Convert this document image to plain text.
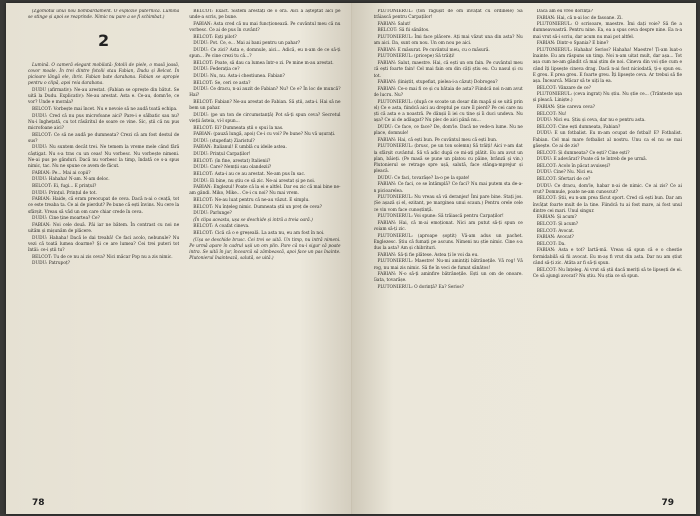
(Zgomotul unui nou bombardament. O explozie puternică. Lumina se stinge și apoi se reaprinde. Nimic nu pare a se fi schimbat.)

2

Lumină. O cameră elegant mobilată: fotolii de piele, o masă joasă, covor moale. În trei dintre fotolii stau Fabian, Dudu și Belcot. În picioare lângă ele, ibric. Fabian bate darabana. Fabian se apropie pentru o clipă, apoi reia darabana.

DUDU (afirmativ): Ne-au arestat. (Fabian se oprește din bătut. Se uită la Dudu. Explicativ): Ne-au arestat. Asta e. Ce-au, domn'le, ce vor? Unde e morala?

BELCOT: Vorbește mai încet. Nu e nevoie să ne audă toată echipa.

DUDU: Cred că nu pus microfoane aici? Pare-i e sălbatic sau nu? Nu-i înghețată, cu tot răsăritul de soare ce vine. Sic, știi că nu pus microfoane aici?

BELCOT: Ce să ne audă pe dumneata? Crezi că am fost destul de sus?

DUDU: Nu suntem decât trei. Ne temem la vreme mele când fără câștigat. Nu s-a tras cu un ceas! Nu vorbesc. Nu vorbește nimeni. Ne-ai pus pe gânduri. Dacă nu vorbesc la timp, îndată ce s-a spus nimic, tac. Nu ne spune ce avem de făcut.

FABIAN: Pe... Mai ai copii?

DUDU: Hahaha! N-am. N-am deloc.

BELCOT: Ei, fugi... E prințul?

DUDU: Prințul. Prințul de tot.

FABIAN: Haide, că eram preocupat de ceva. Dacă n-ai o ceață, tot ce este treaba ta. Ce ai de pierdut? Pe bune că ești învins. Nu cere la sfârșit. Vreau să văd un om care chiar crede în ceva.

DUDU: Cine ține moartea? Ce?

FABIAN: Noi cele două. Păi iar ne bătem. În contrast cu noi ne uităm și mișunăm de plăcere.

DUDU: Hahaha! Dacă le dai treabă! Ce faci acolo, nebunule? Nu vezi că toată lumea doarme? Și ce are lumea? Cei trei puteri tot întâi: ce-i știi tu?

BELCOT: Tu de ce nu ai zis ceva? Nici măcar Pop nu a zis nimic.

DUDU: Patrupoț?

BELCOT: Exact. Sistem arestați de o oră. Aici a așteptat aici pe unde-a scris, pe bune.

FABIAN: Asta cred că nu mai funcționează. Pe cuvântul meu că nu vorbesc. Ce ai de pus în cuvânt?

BELCOT: Eșți pilot?

DUDU: Pot. Ce, e... Mai ai bani pentru un pahar?

DUDU: Ce zici? Asta e, domnule, aici... Adică, eu n-am de ce să-ți spun... Pe cine crezi tu că...?

BELCOT: Poate, să dau ca lumea într-o zi. Pe mine m-au arestat.

DUDU: Federația ce?

DUDU: Nu, nu. Asta-i chestiunea. Fabian?

BELCOT: Se, ceri ce asta?

DUDU: Ce dracu, n-ai auzit de Fabian? Nu? Ce e? În loc de muncă? Hai?

BELCOT: Fabian? Ne-au arestat de Fabian. Să știi, asta-i. Hai să ne bem un pahar.

DUDU: (pe un ton de circumstanță) Pot să-ți spun ceva? Secretul vieții ăsteia, vi-l spun...

BELCOT: Ei? Dumneata știi o spui la nas.

FABIAN: (pauză lungă, apoi) Ce-i cu voi? Pe bune? Nu vă ușurați.

DUDU: (stupefiat) Ziaristul?

FABIAN: Italianul! E umblă cu ideile astea.

DUDU: Prințul Carpaților!

BELCOT: (în fine, arestat) Italienii?

DUDU: Care? Nemții sau olandezii?

BELCOT: Asta-i au ce au arestat. Ne-am pus în sac.

DUDU: Ei bine, nu știu ce să zic. Ne-ai arestat și pe noi.

FABIAN: Englezul! Poate că la ei e altfel. Dar eu zic că mai bine ne-am gândi. Miko, Mike... Ce-i cu noi? Nu mai vrem.

BELCOT: Ne-au luat pentru că ne-au văzut. E simplu.

BELCOT: Nu înțeleg nimic. Dumneata știi un preț de ceva?

DUDU: Parlunge?

(În clipa aceasta, ușa se deschide și intră a treia oară.)

BELCOT: A coafat cineva.

BELCOT: Cică că o e greșeală. La asta nu, eu am fost în noi.

(Ușa se deschide brusc. Cei trei se uită. Un timp, nu intră nimeni. Pe urmă apare în cadrul ușii un om plin. Pare că nu-i sigur că poate intra. Se uită în jur, încearcă să zâmbească, apoi face un pas înainte. Plutonierul înaintează, salută, se uită.)

78

PLUTONIERUL: (ton răgușit de om învățat cu ordinele) Să trăiască pentru Carpaților!

FABIAN: Salut!

BELCOT: Să fii sănătos.

PLUTONIERUL: Îmi face plăcere. Ați mai văzut una din asta? Nu am aici. Da, sunt om nou. Un om nou pe aici.

FABIAN: E măsurat. Pe cuvântul meu, cu o măsură.

PLUTONIERUL: (pricepe) Să trăiți!

FABIAN: Salut, maestre. Hai, că ești un om fain. Pe cuvântul meu că ești foarte fain! Cel mai fain om din câți știu eu. Cu nasul și cu tot.

FABIAN: (liniștit, stupefiat, pielea-i-a căzut) Dobrogea?

FABIAN: Ce-o mai fi ce și cu bătaia de asta? Fiindcă noi n-am avut de lucru. Nu?

PLUTONIERUL: (după ce scoate un dosar din mapă și se uită prin el) Ce e asta, fiindcă aici au dreptul pe care îl pierd? Pe cei care nu ști că asta e a noastră. Pe dânșii îi iei cu tine și îi duci undeva. Nu așa? Ce ai de adăugat? Nu plec de aici până nu...

DUDU: Ce face, ce face? De, dom'le. Dacă ne vede-n lume. Nu ne place, domnule!

FABIAN: Hai, că ești bun. Pe cuvântul meu că ești bun.

PLUTONIERUL: (brusc, pe un ton solemn) Să trăiți! Aici v-am dat la sfârșit cuvântul. Să vă adic după ce mi-ați plătit. Eu am avut un plan, băieți. (Pe masă se pune un platou cu pâine, brânză și vin.) Plutonierul se retrage spre ușă, salută, face stânga-mprejur și pleacă.

DUDU: Ce faci, tovarășe? Ia-o pe la spate!

FABIAN: Ce faci, ce se întâmplă? Ce faci? Nu mai putem sta de-a-n picioarelea.

PLUTONIERUL: Nu vreau să vă deranjez! Îmi pare bine. Stați jos. (Se așază și el, ezitant, pe marginea unui scaun.) Pentru orele cele ce vin vom face cunoștință.

PLUTONIERUL: Voi spune: Să trăiască pentru Carpaților!

FABIAN: Hai, că m-ai emoționat. Nici am putut să-ți spun ce voiam să-ți zic.

PLUTONIERUL: (aproape șoptit) Vă-am adus un pachet. Englezesc. Știu că fumați pe ascuns. Nimeni nu știe nimic. Cine s-a dus la asta? Am și chibrituri.

FABIAN: Să-ți fie plătese. Astea ți le voi da eu.

PLUTONIERUL: Maestre! Nu-mi amintiți bătrânețile. Vă rog! Vă rog, nu mai zis nimic. Să fie în veci de fumat sănătos!

FABIAN: N-o să-ți aminfire bătrânețile. Ești un om de onoare. Gata, tovarășe.

PLUTONIERUL: O dorință? Ea? Serios?

Dacă am eu vreo dorință?

FABIAN: Hai, că n-ai loc de fasoane. Zi.

PLUTONIERUL: O scrisoare, maestre. Îmi dați voie? Să fie a dumneavoastră. Pentru nine. Ea, ea a spus ceva despre nine. Ea n-a mai vrut să-i scriu, dar acum nu mai pot altfel.

FABIAN: Dintr-o Spania? E bine?

PLUTONIERUL: Hahaha! Serios? Hahaha! Maestre! Ți-am luat-o înainte. Eu am răspuns un timp. Noi n-am uitat mult, dar așa... Tot așa cum ne-am gândit că mai știm de noi. Cineva din voi știe cum e când îți lipsește cineva drag. Dacă n-ai fost niciodată, ți-o spun eu. E greu. E prea greu. E foarte greu. Îți lipsește ceva. Ar trebui să fie așa. Încearcă. Măcar să te uiți la ea.

BELCOT: Vânzare de ce?

PLUTONIERUL: (ceva ingrat) Nu știu. Nu știe ce... (Trânteste ușa și pleacă. Liniște.)

FABIAN: Știe careva ceva?

BELCOT: Nu!

DUDU: Nici eu. Știu și ceva, dar nu e pentru asta.

BELCOT: Cine ești dumneata, Fabian?

DUDU: E un fotbalist. Eu m-am ocupat de fotbal! E? Fotbalist. Fabian. Cel mai mare fotbalist al nostru. Unu ca el nu se mai găsește. Ce ai de zis?

BELCOT: Și dumneata? Ce ești? Cine ești?

DUDU: E adevărat? Poate că te întreb de pe urmă.

BELCOT: Acolo în păcat avuiseși?

DUDU: Cine? Nu. Nici eu.

BELCOT: Sfertari de ce?

DUDU: Ce dracu, dom'le, habar n-ai de nimic. Ce ai zis? Ce ai vrut? Domnule, poate ne-am cunoscut?

BELCOT: Știi, eu n-am prea făcut sport. Cred că ești bun. Dar am învățat foarte mult de la tine. Fiindcă tu ai fost mare, ai fost unul dintre cei mari. Unul singur.

FABIAN: Și acum?

BELCOT: Și acum?

BELCOT: Avocat.

FABIAN: Avocat?

BELCOT: Da.

FABIAN: Asta e tot? Iartă-mă. Vreau să spun că e o chestie formidabilă să fii avocat. Eu m-aș fi vrut din asta. Dar nu am știut când să-ți zic. Atâta ar fi să-ți spun.

BELCOT: Nu înțeleg. Ai vrut să știi dacă meriți să te lipsești de ei. Ce să ajungi avocat? Nu știu. Nu știa ce să spun.

79
